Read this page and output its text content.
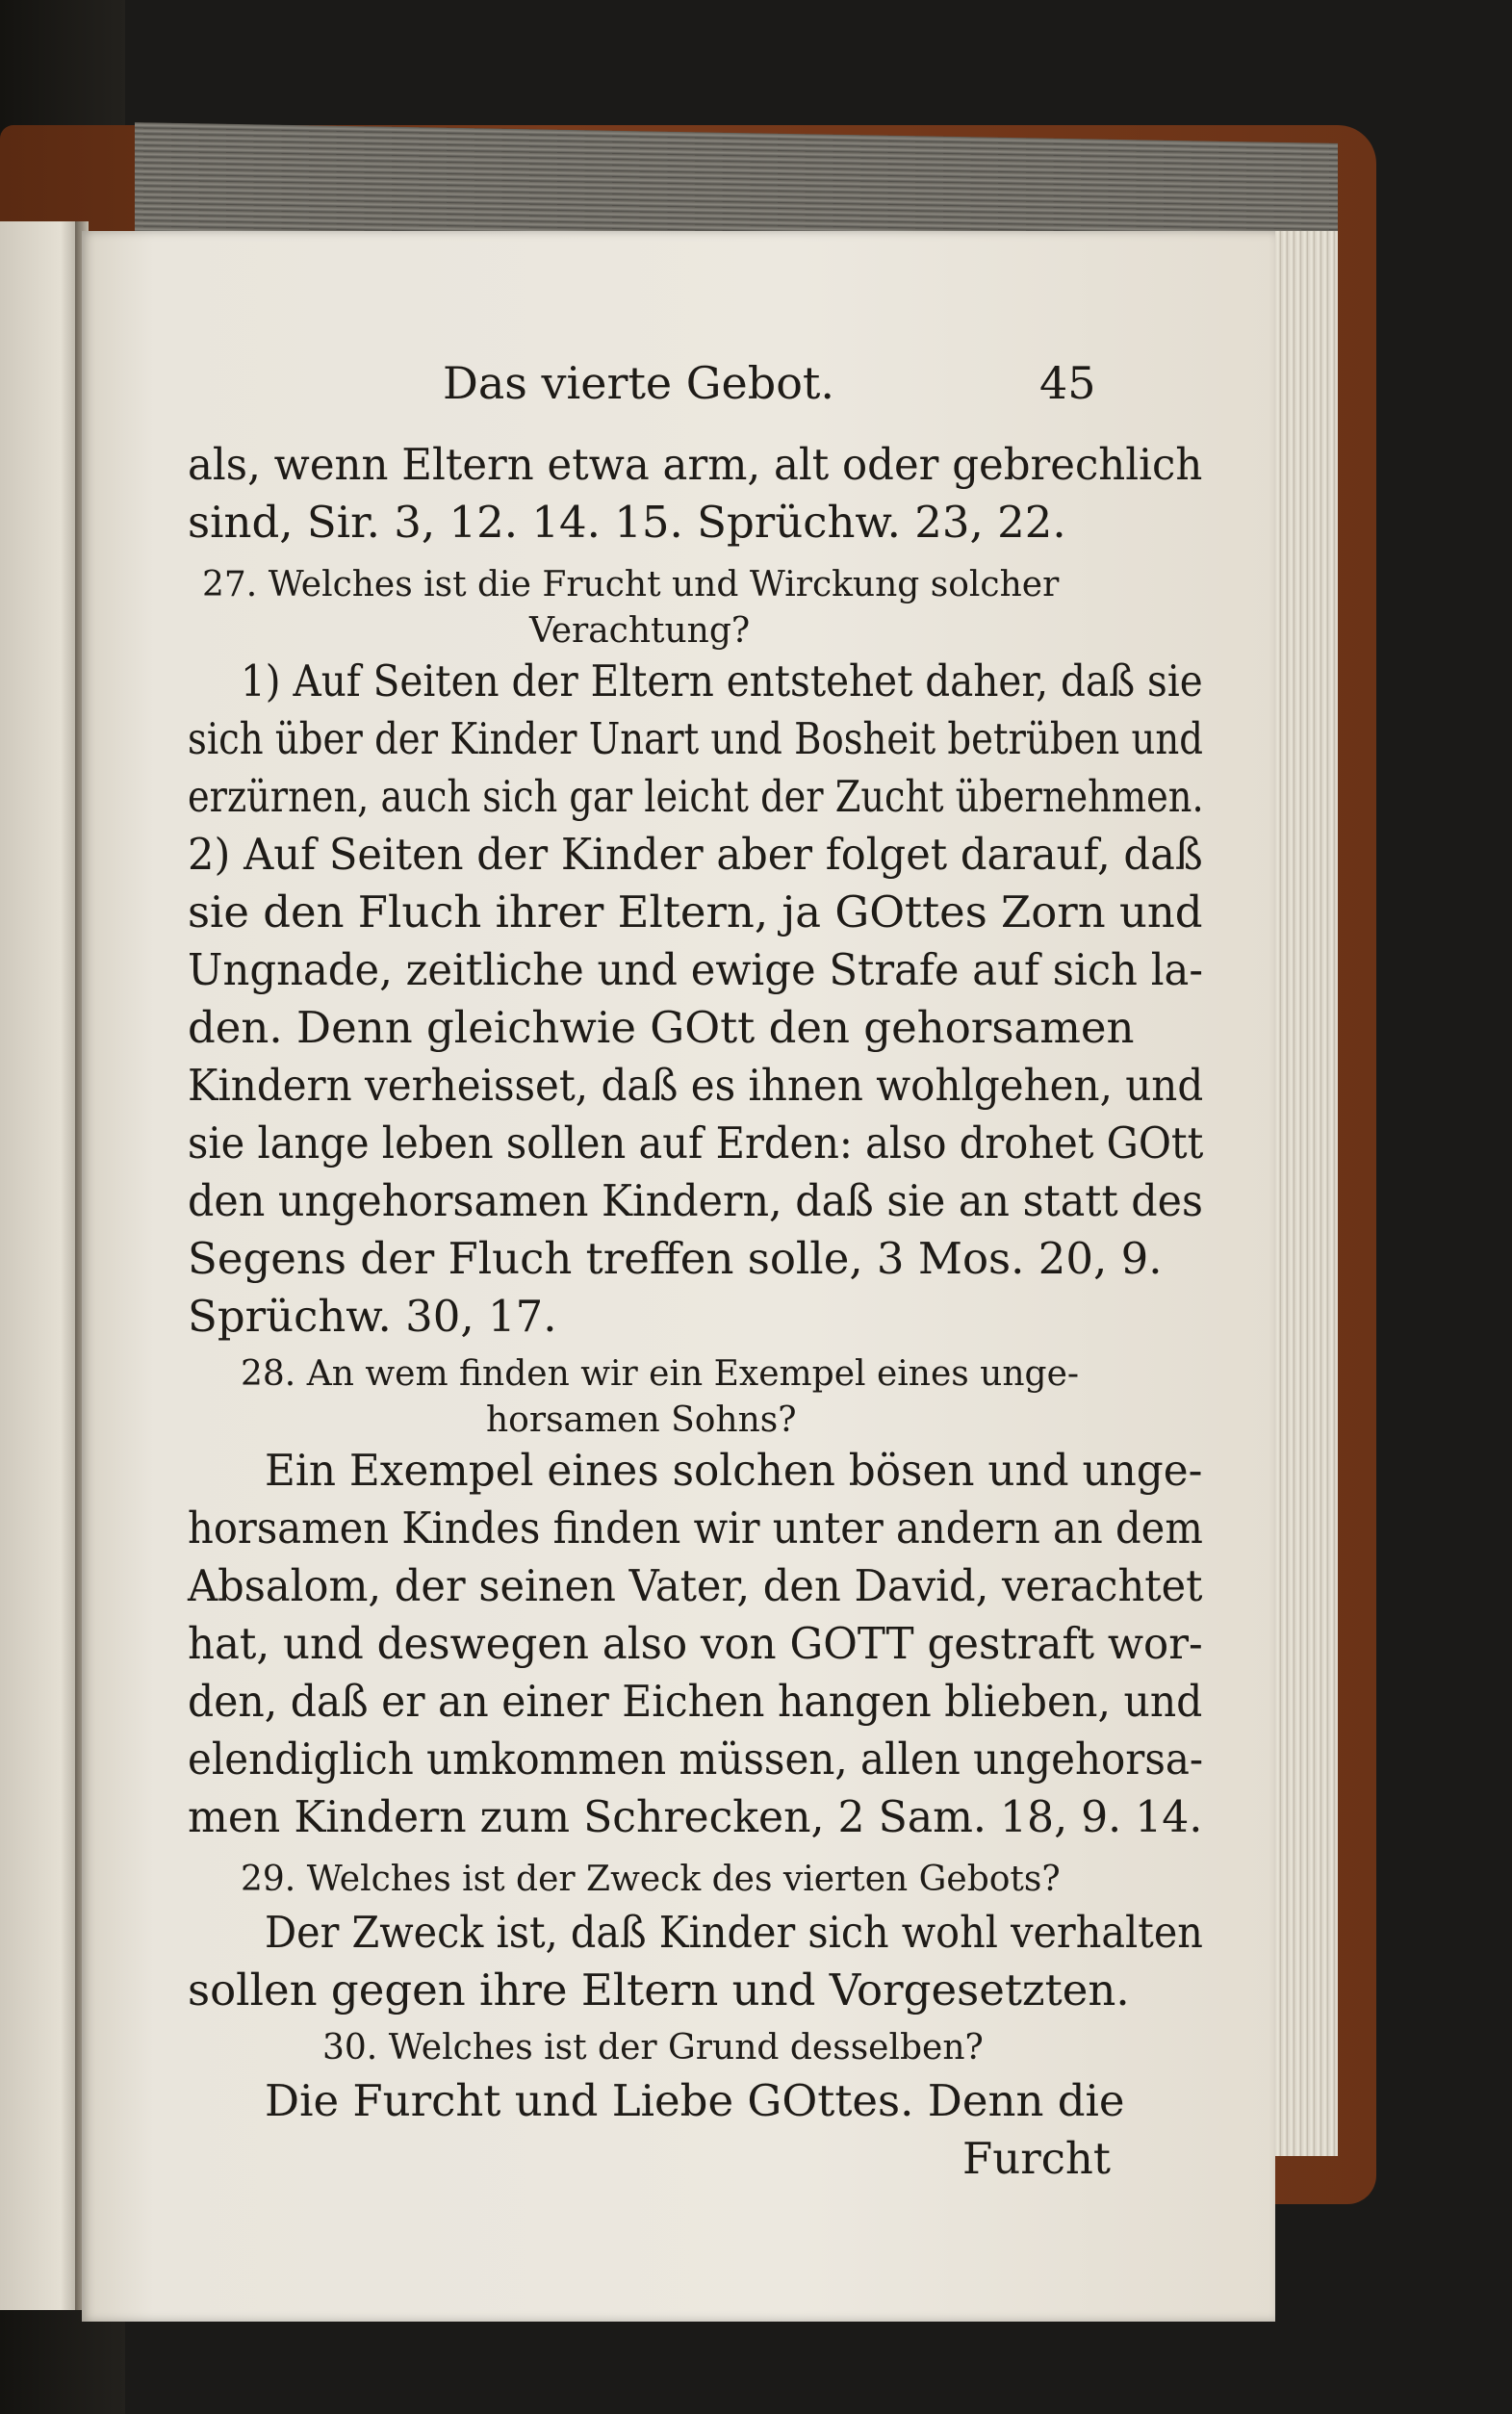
Das vierte Gebot.	45
als, wenn Eltern etwa arm, alt oder gebrechlich
sind, Sir. 3, 12. 14. 15. Sprüchw. 23, 22.
27. Welches ist die Frucht und Wirckung solcher
Verachtung?
1) Auf Seiten der Eltern entstehet daher, daß sie
sich über der Kinder Unart und Bosheit betrüben und
erzürnen, auch sich gar leicht der Zucht übernehmen.
2) Auf Seiten der Kinder aber folget darauf, daß
sie den Fluch ihrer Eltern, ja GOttes Zorn und
Ungnade, zeitliche und ewige Strafe auf sich la-
den. Denn gleichwie GOtt den gehorsamen
Kindern verheisset, daß es ihnen wohlgehen, und
sie lange leben sollen auf Erden: also drohet GOtt
den ungehorsamen Kindern, daß sie an statt des
Segens der Fluch treffen solle, 3 Mos. 20, 9.
Sprüchw. 30, 17.
28. An wem finden wir ein Exempel eines unge-
horsamen Sohns?
Ein Exempel eines solchen bösen und unge-
horsamen Kindes finden wir unter andern an dem
Absalom, der seinen Vater, den David, verachtet
hat, und deswegen also von GOTT gestraft wor-
den, daß er an einer Eichen hangen blieben, und
elendiglich umkommen müssen, allen ungehorsa-
men Kindern zum Schrecken, 2 Sam. 18, 9. 14.
29. Welches ist der Zweck des vierten Gebots?
Der Zweck ist, daß Kinder sich wohl verhalten
sollen gegen ihre Eltern und Vorgesetzten.
30. Welches ist der Grund desselben?
Die Furcht und Liebe GOttes. Denn die
Furcht
